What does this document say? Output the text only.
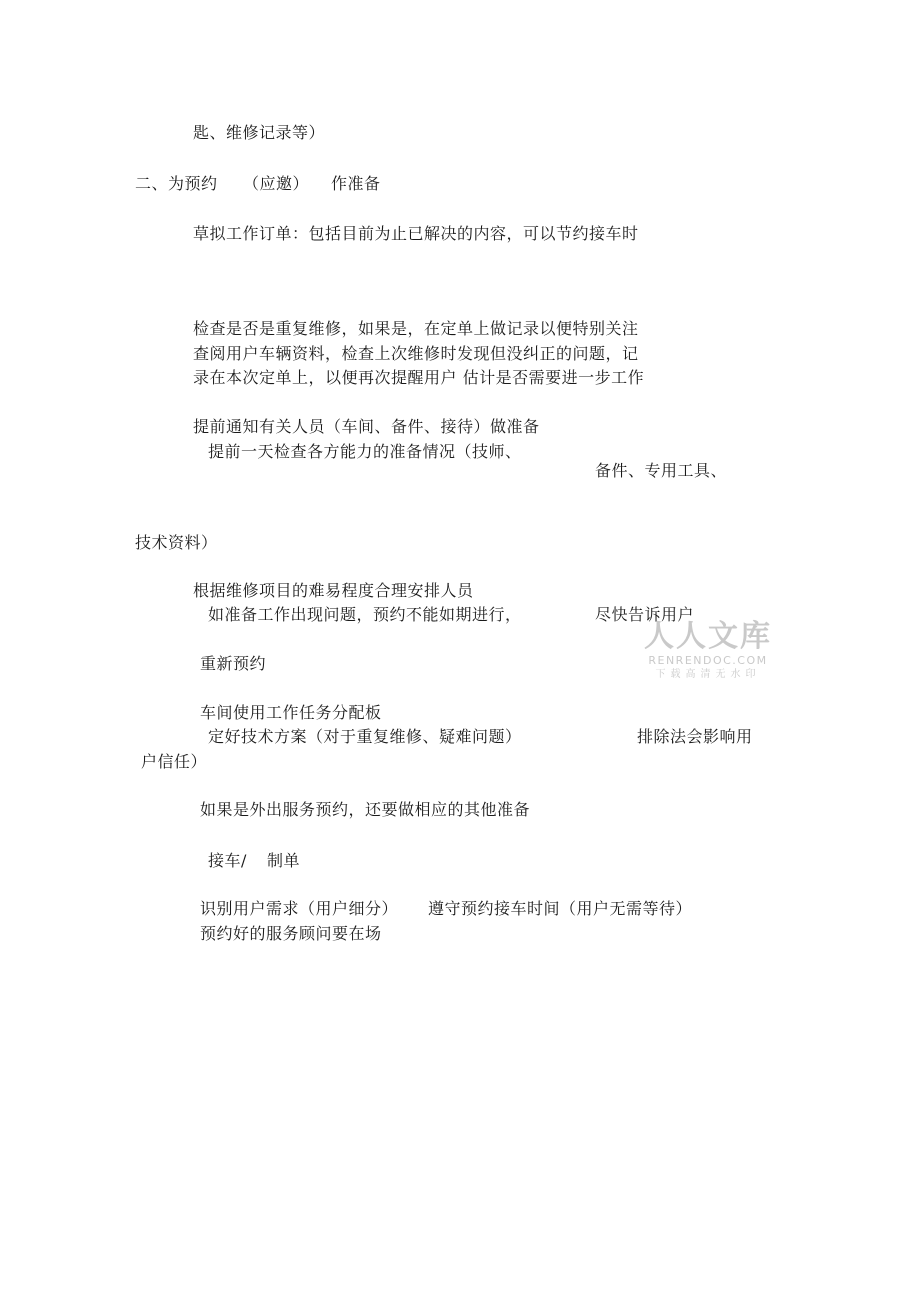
匙、维修记录等）
二、为预约 （应邀） 作准备
草拟工作订单：包括目前为止已解决的内容，可以节约接车时
检查是否是重复维修，如果是，在定单上做记录以便特别关注
查阅用户车辆资料，检查上次维修时发现但没纠正的问题，记
录在本次定单上，以便再次提醒用户 估计是否需要进一步工作
提前通知有关人员（车间、备件、接待）做准备
提前一天检查各方能力的准备情况（技师、
备件、专用工具、
技术资料）
根据维修项目的难易程度合理安排人员
如准备工作出现问题，预约不能如期进行，	尽快告诉用户
重新预约
车间使用工作任务分配板
定好技术方案（对于重复维修、疑难问题）	排除法会影响用
户信任）
如果是外出服务预约，还要做相应的其他准备
接车/ 制单
识别用户需求（用户细分） 遵守预约接车时间（用户无需等待）
预约好的服务顾问要在场
人人文库
RENRENDOC.COM
下载高清无水印
